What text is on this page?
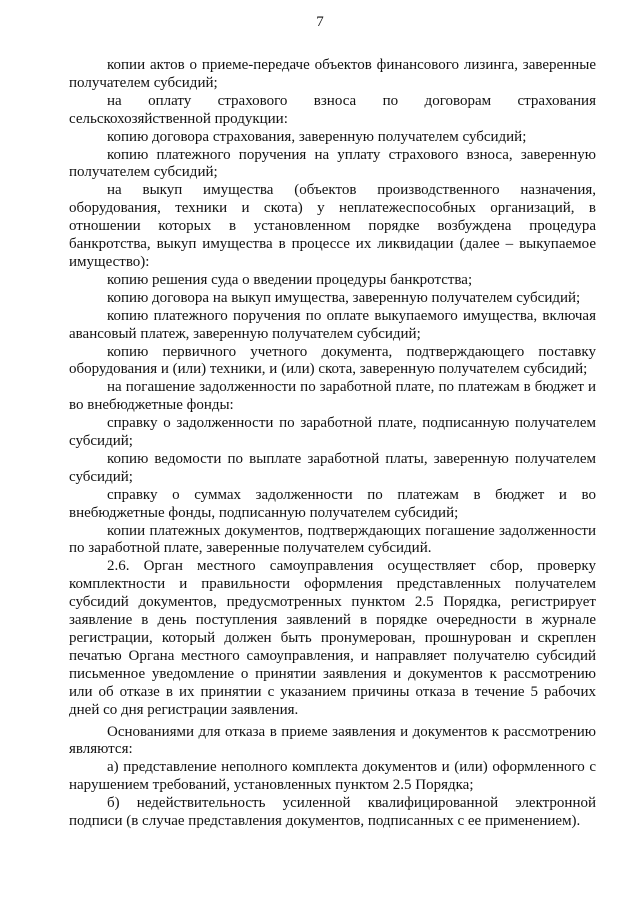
7

копии актов о приеме-передаче объектов финансового лизинга, заверенные получателем субсидий;

на оплату страхового взноса по договорам страхования сельскохозяйственной продукции:

копию договора страхования, заверенную получателем субсидий;

копию платежного поручения на уплату страхового взноса, заверенную получателем субсидий;

на выкуп имущества (объектов производственного назначения, оборудования, техники и скота) у неплатежеспособных организаций, в отношении которых в установленном порядке возбуждена процедура банкротства, выкуп имущества в процессе их ликвидации (далее – выкупаемое имущество):

копию решения суда о введении процедуры банкротства;

копию договора на выкуп имущества, заверенную получателем субсидий;

копию платежного поручения по оплате выкупаемого имущества, включая авансовый платеж, заверенную получателем субсидий;

копию первичного учетного документа, подтверждающего поставку оборудования и (или) техники, и (или) скота, заверенную получателем субсидий;

на погашение задолженности по заработной плате, по платежам в бюджет и во внебюджетные фонды:

справку о задолженности по заработной плате, подписанную получателем субсидий;

копию ведомости по выплате заработной платы, заверенную получателем субсидий;

справку о суммах задолженности по платежам в бюджет и во внебюджетные фонды, подписанную получателем субсидий;

копии платежных документов, подтверждающих погашение задолженности по заработной плате, заверенные получателем субсидий.

2.6. Орган местного самоуправления осуществляет сбор, проверку комплектности и правильности оформления представленных получателем субсидий документов, предусмотренных пунктом 2.5 Порядка, регистрирует заявление в день поступления заявлений в порядке очередности в журнале регистрации, который должен быть пронумерован, прошнурован и скреплен печатью Органа местного самоуправления, и направляет получателю субсидий письменное уведомление о принятии заявления и документов к рассмотрению или об отказе в их принятии с указанием причины отказа в течение 5 рабочих дней со дня регистрации заявления.

Основаниями для отказа в приеме заявления и документов к рассмотрению являются:

а) представление неполного комплекта документов и (или) оформленного с нарушением требований, установленных пунктом 2.5 Порядка;

б) недействительность усиленной квалифицированной электронной подписи (в случае представления документов, подписанных с ее применением).
